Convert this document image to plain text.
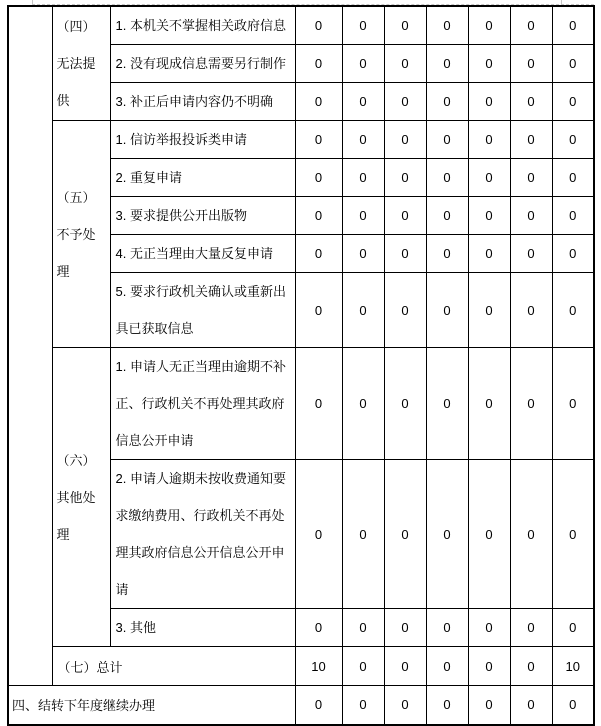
	（四）无法提供	1. 本机关不掌握相关政府信息	0	0	0	0	0	0	0
		2. 没有现成信息需要另行制作	0	0	0	0	0	0	0
		3. 补正后申请内容仍不明确	0	0	0	0	0	0	0
	（五）不予处理	1. 信访举报投诉类申请	0	0	0	0	0	0	0
		2. 重复申请	0	0	0	0	0	0	0
		3. 要求提供公开出版物	0	0	0	0	0	0	0
		4. 无正当理由大量反复申请	0	0	0	0	0	0	0
		5. 要求行政机关确认或重新出具已获取信息	0	0	0	0	0	0	0
	（六）其他处理	1. 申请人无正当理由逾期不补正、行政机关不再处理其政府信息公开申请	0	0	0	0	0	0	0
		2. 申请人逾期未按收费通知要求缴纳费用、行政机关不再处理其政府信息公开信息公开申请	0	0	0	0	0	0	0
		3. 其他	0	0	0	0	0	0	0
	（七）总计		10	0	0	0	0	0	10
四、结转下年度继续办理			0	0	0	0	0	0	0
